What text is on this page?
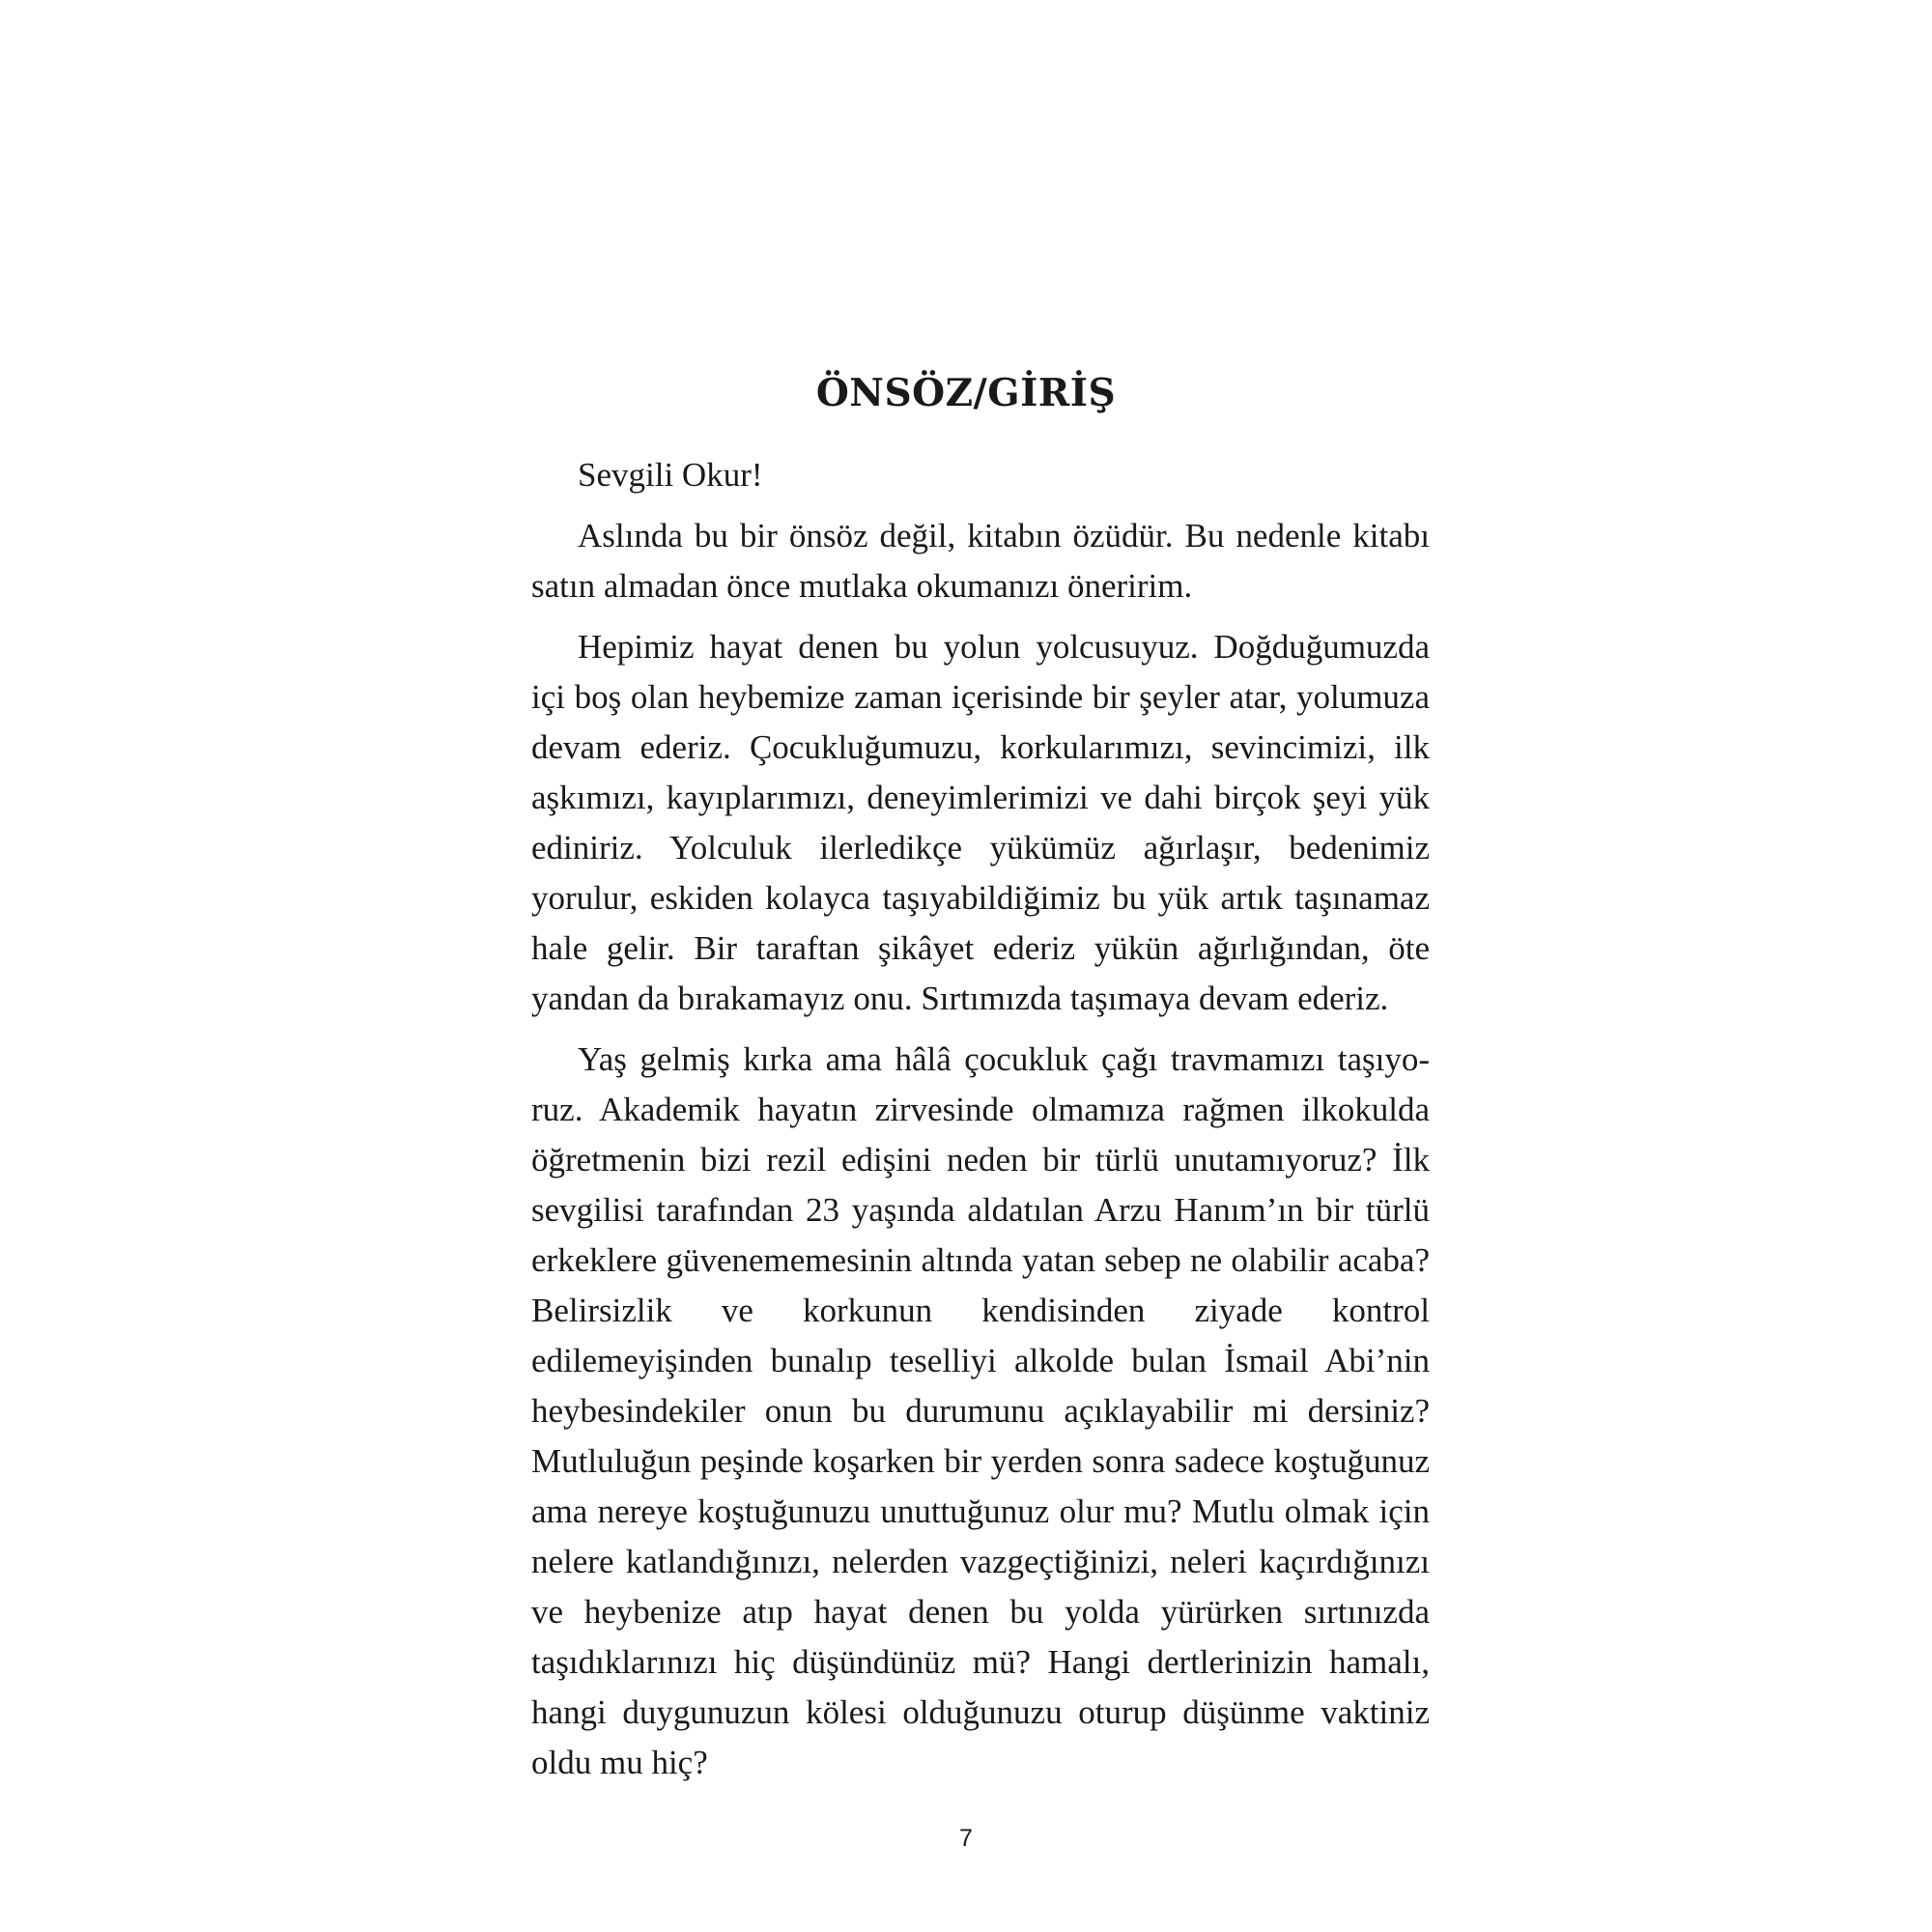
ÖNSÖZ/GİRİŞ

Sevgili Okur!

Aslında bu bir önsöz değil, kitabın özüdür. Bu nedenle kitabı satın almadan önce mutlaka okumanızı öneririm.

Hepimiz hayat denen bu yolun yolcusuyuz. Doğduğumuzda içi boş olan heybemize zaman içerisinde bir şeyler atar, yolumuza devam ederiz. Çocukluğumuzu, korkularımızı, sevincimizi, ilk aşkımızı, kayıplarımızı, deneyimlerimizi ve dahi birçok şeyi yük ediniriz. Yolculuk ilerledikçe yükümüz ağırlaşır, bedenimiz yorulur, eskiden kolayca taşıyabildiğimiz bu yük artık taşınamaz hale gelir. Bir taraftan şikâyet ederiz yükün ağırlığından, öte yandan da bırakamayız onu. Sırtımızda taşımaya devam ederiz.

Yaş gelmiş kırka ama hâlâ çocukluk çağı travmamızı taşıyoruz. Akademik hayatın zirvesinde olmamıza rağmen ilkokulda öğretmenin bizi rezil edişini neden bir türlü unutamıyoruz? İlk sevgilisi tarafından 23 yaşında aldatılan Arzu Hanım’ın bir türlü erkeklere güvenememesinin altında yatan sebep ne olabilir acaba? Belirsizlik ve korkunun kendisinden ziyade kontrol edilemeyişinden bunalıp teselliyi alkolde bulan İsmail Abi’nin heybesindekiler onun bu durumunu açıklayabilir mi dersiniz? Mutluluğun peşinde koşarken bir yerden sonra sadece koştuğunuz ama nereye koştuğunuzu unuttuğunuz olur mu? Mutlu olmak için nelere katlandığınızı, nelerden vazgeçtiğinizi, neleri kaçırdığınızı ve heybenize atıp hayat denen bu yolda yürürken sırtınızda taşıdıklarınızı hiç düşündünüz mü? Hangi dertlerinizin hamalı, hangi duygunuzun kölesi olduğunuzu oturup düşünme vaktiniz oldu mu hiç?

7
